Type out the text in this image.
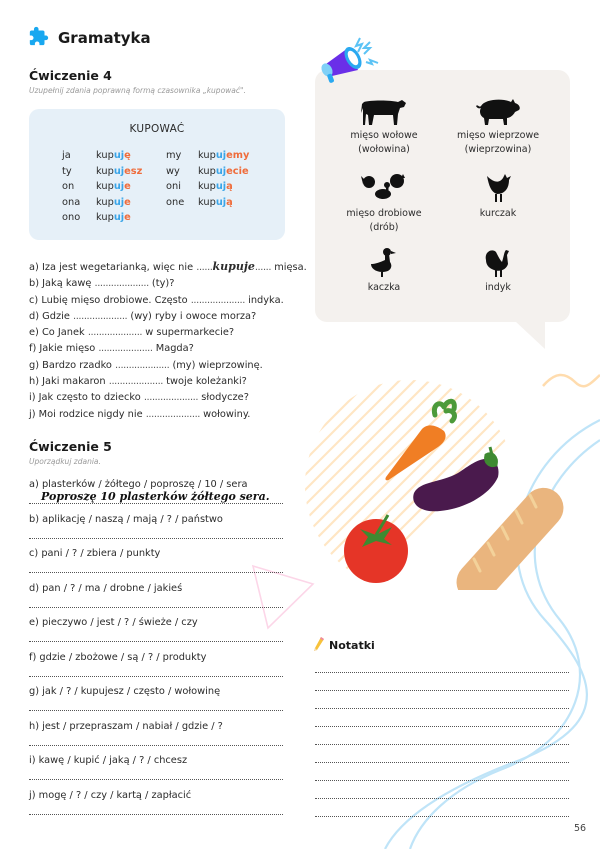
Gramatyka
Ćwiczenie 4
Uzupełnij zdania poprawną formą czasownika „kupować".
KUPOWAĆ
ja	kupuję	my	kupujemy
ty	kupujesz	wy	kupujecie
on	kupuje	oni	kupują
ona	kupuje	one	kupują
ono	kupuje
a) Iza jest wegetarianką, więc nie ......kupuje...... mięsa.
b) Jaką kawę .................... (ty)?
c) Lubię mięso drobiowe. Często .................... indyka.
d) Gdzie .................... (wy) ryby i owoce morza?
e) Co Janek .................... w supermarkecie?
f) Jakie mięso .................... Magda?
g) Bardzo rzadko .................... (my) wieprzowinę.
h) Jaki makaron .................... twoje koleżanki?
i) Jak często to dziecko .................... słodycze?
j) Moi rodzice nigdy nie .................... wołowiny.
Ćwiczenie 5
Uporządkuj zdania.
a) plasterków / żółtego / poproszę / 10 / sera
Poproszę 10 plasterków żółtego sera.
b) aplikację / naszą / mają / ? / państwo
c) pani / ? / zbiera / punkty
d) pan / ? / ma / drobne / jakieś
e) pieczywo / jest / ? / świeże / czy
f) gdzie / zbożowe / są / ? / produkty
g) jak / ? / kupujesz / często / wołowinę
h) jest / przepraszam / nabiał / gdzie / ?
i) kawę / kupić / jaką / ? / chcesz
j) mogę / ? / czy / kartą / zapłacić
mięso wołowe
(wołowina)
mięso wieprzowe
(wieprzowina)
mięso drobiowe
(drób)
kurczak
kaczka	indyk
Notatki
56
